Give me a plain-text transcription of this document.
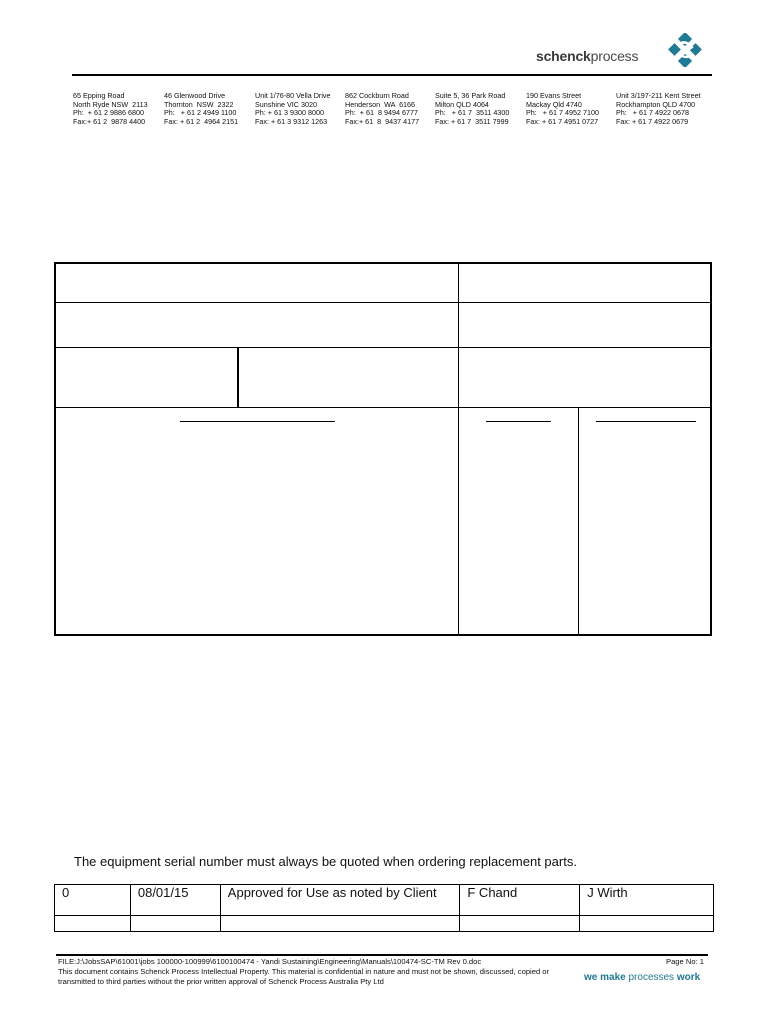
schenckprocess
65 Epping Road
North Ryde NSW  2113
Ph:  + 61 2 9886 6800
Fax:+ 61 2  9878 4400
46 Glenwood Drive
Thornton  NSW  2322
Ph:   + 61 2 4949 1100
Fax: + 61 2  4964 2151
Unit 1/76-80 Vella Drive
Sunshine VIC 3020
Ph: + 61 3 9300 8000
Fax: + 61 3 9312 1263
862 Cockburn Road
Henderson  WA  6166
Ph:  + 61  8 9494 6777
Fax:+ 61  8  9437 4177
Suite 5, 36 Park Road
Milton QLD 4064
Ph:   + 61 7  3511 4300
Fax: + 61 7  3511 7999
190 Evans Street
Mackay Qld 4740
Ph:   + 61 7 4952 7100
Fax: + 61 7 4951 0727
Unit 3/197-211 Kent Street
Rockhampton QLD 4700
Ph:   + 61 7 4922 0678
Fax: + 61 7 4922 0679
The equipment serial number must always be quoted when ordering replacement parts.
0	08/01/15	Approved for Use as noted by Client	F Chand	J Wirth

FILE:J:\JobsSAP\61001\jobs 100000-100999\6100100474 - Yandi Sustaining\Engineering\Manuals\100474-SC-TM Rev 0.doc	Page No: 1
This document contains Schenck Process Intellectual Property. This material is confidential in nature and must not be shown, discussed, copied or transmitted to third parties without the prior written approval of Schenck Process Australia Pty Ltd	we make processes work
